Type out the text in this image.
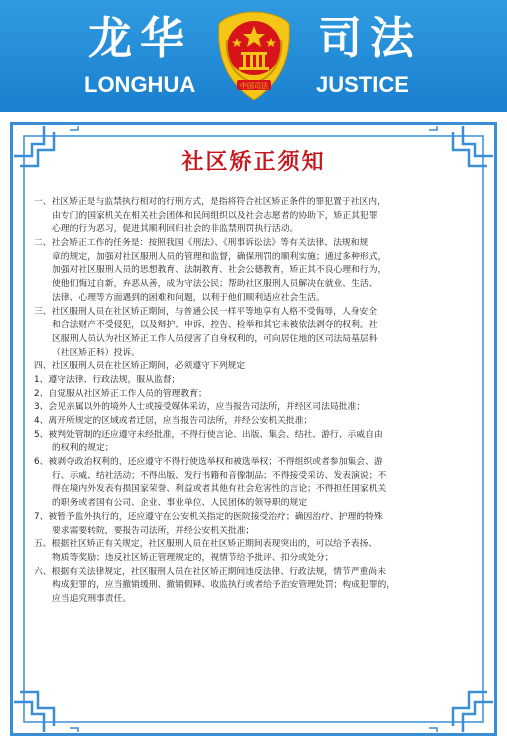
龙华	司法
LONGHUA	JUSTICE
中国司法
社区矫正须知
一、社区矫正是与监禁执行相对的行刑方式，是指将符合社区矫正条件的罪犯置于社区内，
由专门的国家机关在相关社会团体和民间组织以及社会志愿者的协助下，矫正其犯罪
心理的行为恶习，促进其顺利回归社会的非监禁刑罚执行活动。
二、社会矫正工作的任务是：按照我国《刑法》、《刑事诉讼法》等有关法律、法规和规
章的规定，加强对社区服刑人员的管理和监督，确保刑罚的顺利实施；通过多种形式，
加强对社区服刑人员的思想教育、法制教育、社会公德教育，矫正其不良心理和行为，
使他们悔过自新，弃恶从善，成为守法公民；帮助社区服刑人员解决在就业、生活、
法律、心理等方面遇到的困难和问题，以利于他们顺利适应社会生活。
三、社区服刑人员在社区矫正期间，与普通公民一样平等地享有人格不受侮辱，人身安全
和合法财产不受侵犯，以及辩护、申诉、控告、检举和其它未被依法剥夺的权利。社
区服刑人员认为社区矫正工作人员侵害了自身权利的，可向居住地的区司法局基层科
（社区矫正科）投诉。
四、社区服刑人员在社区矫正期间，必须遵守下列规定
1、遵守法律、行政法规，服从监督；
2、自觉服从社区矫正工作人员的管理教育；
3、会见亲属以外的境外人士或接受媒体采访，应当报告司法所，并经区司法局批准；
4、离开所规定的区域或者迁居，应当报告司法所，并经公安机关批准；
5、被判处管制的还应遵守未经批准，不得行使言论、出版、集会、结社、游行、示威自由
的权利的规定；
6、被剥夺政治权利的，还应遵守不得行使选举权和被选举权；不得组织或者参加集会、游
行、示威、结社活动；不得出版、发行书籍和音像制品；不得接受采访、发表演说；不
得在境内外发表有损国家荣誉、利益或者其他有社会危害性的言论；不得担任国家机关
的职务或者国有公司、企业、事业单位、人民团体的领导职的规定
7、被暂予监外执行的，还应遵守在公安机关指定的医院接受治疗；确因治疗、护理的特殊
要求需要转院，要报告司法所，并经公安机关批准；
五、根据社区矫正有关规定，社区服刑人员在社区矫正期间表现突出的，可以给予表扬、
物质等奖励；违反社区矫正管理规定的，视情节给予批评、扣分或处分；
六、根据有关法律规定，社区服刑人员在社区矫正期间违反法律、行政法规，情节严重尚未
构成犯罪的，应当撤销缓刑、撤销假释、收监执行或者给予治安管理处罚；构成犯罪的，
应当追究刑事责任。
